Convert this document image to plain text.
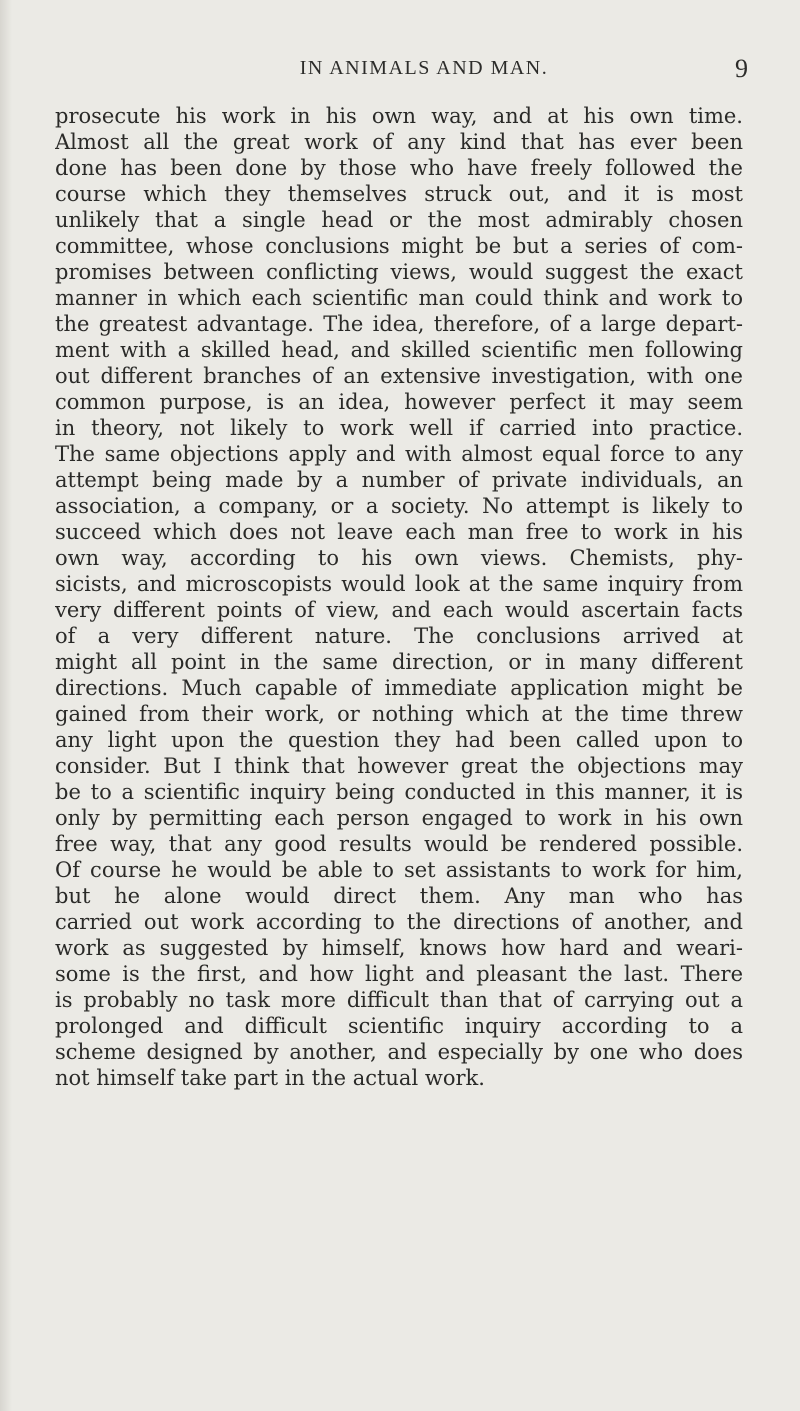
IN ANIMALS AND MAN.	9
prosecute his work in his own way, and at his own time.
Almost all the great work of any kind that has ever been
done has been done by those who have freely followed the
course which they themselves struck out, and it is most
unlikely that a single head or the most admirably chosen
committee, whose conclusions might be but a series of com-
promises between conflicting views, would suggest the exact
manner in which each scientific man could think and work to
the greatest advantage. The idea, therefore, of a large depart-
ment with a skilled head, and skilled scientific men following
out different branches of an extensive investigation, with one
common purpose, is an idea, however perfect it may seem
in theory, not likely to work well if carried into practice.
The same objections apply and with almost equal force to any
attempt being made by a number of private individuals, an
association, a company, or a society. No attempt is likely to
succeed which does not leave each man free to work in his
own way, according to his own views. Chemists, phy-
sicists, and microscopists would look at the same inquiry from
very different points of view, and each would ascertain facts
of a very different nature. The conclusions arrived at
might all point in the same direction, or in many different
directions. Much capable of immediate application might be
gained from their work, or nothing which at the time threw
any light upon the question they had been called upon to
consider. But I think that however great the objections may
be to a scientific inquiry being conducted in this manner, it is
only by permitting each person engaged to work in his own
free way, that any good results would be rendered possible.
Of course he would be able to set assistants to work for him,
but he alone would direct them. Any man who has
carried out work according to the directions of another, and
work as suggested by himself, knows how hard and weari-
some is the first, and how light and pleasant the last. There
is probably no task more difficult than that of carrying out a
prolonged and difficult scientific inquiry according to a
scheme designed by another, and especially by one who does
not himself take part in the actual work.
